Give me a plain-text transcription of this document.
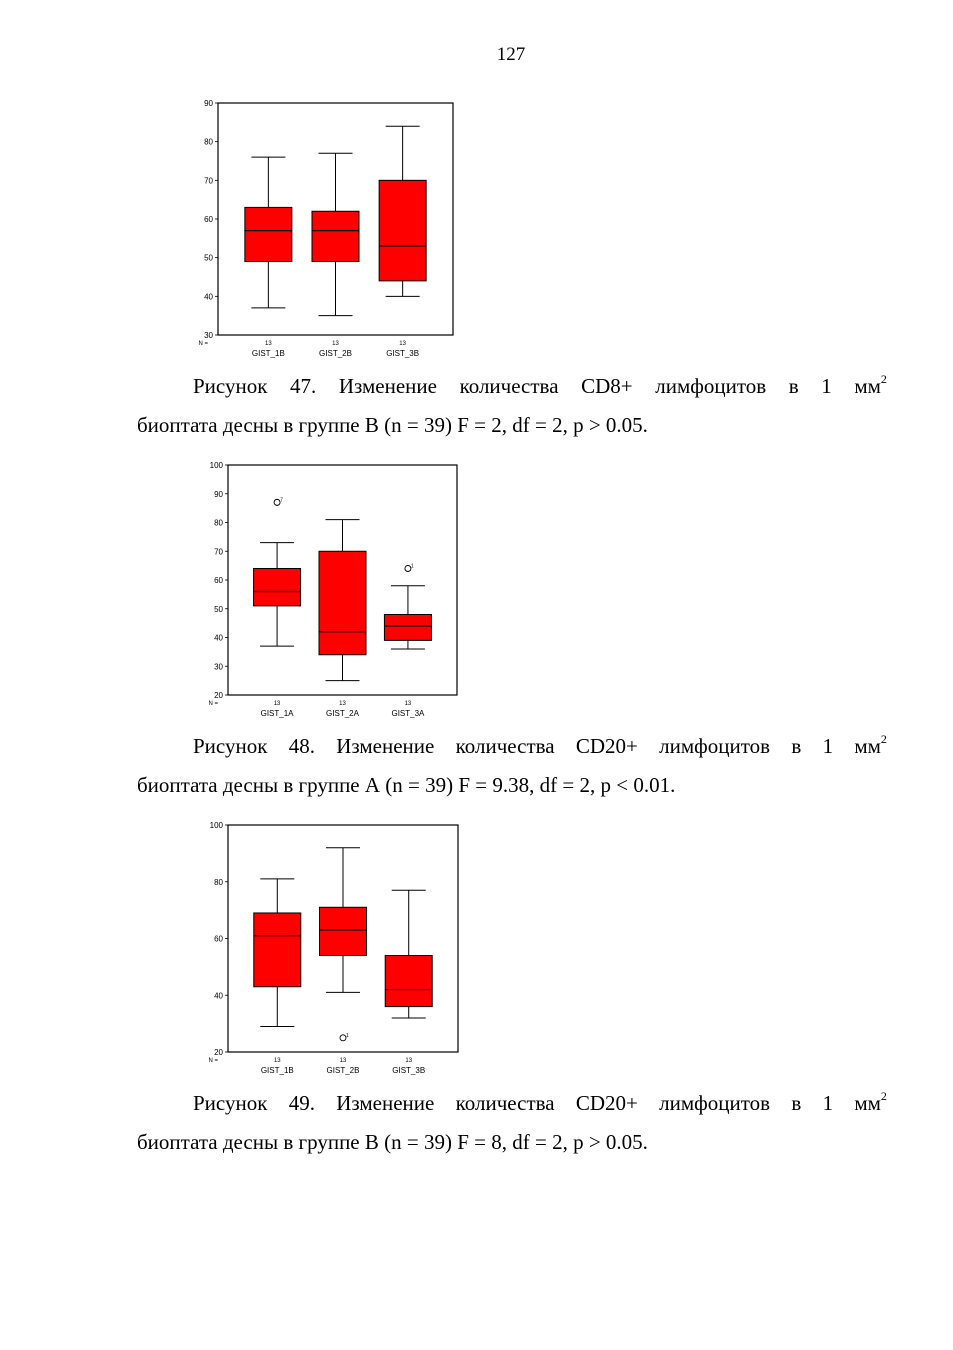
127
30
40
50
60
70
80
90
N =	13
GIST_1B
13
GIST_2B
13
GIST_3B
Рисунок 47. Изменение количества CD8+ лимфоцитов в 1 $мм^2$
биоптата десны в группе В (n = 39) F = 2, df = 2, p > 0.05.
20
30
40
50
60
70
80
90
100
N =	13
GIST_1A
13
GIST_2A
13
GIST_3A
7
1
Рисунок 48. Изменение количества CD20+ лимфоцитов в 1 $мм^2$
биоптата десны в группе А (n = 39) F = 9.38, df = 2, p < 0.01.
20
40
60
80
100
N =	13
GIST_1B
13
GIST_2B
13
GIST_3B
1
Рисунок 49. Изменение количества CD20+ лимфоцитов в 1 $мм^2$
биоптата десны в группе В (n = 39) F = 8, df = 2, p > 0.05.
